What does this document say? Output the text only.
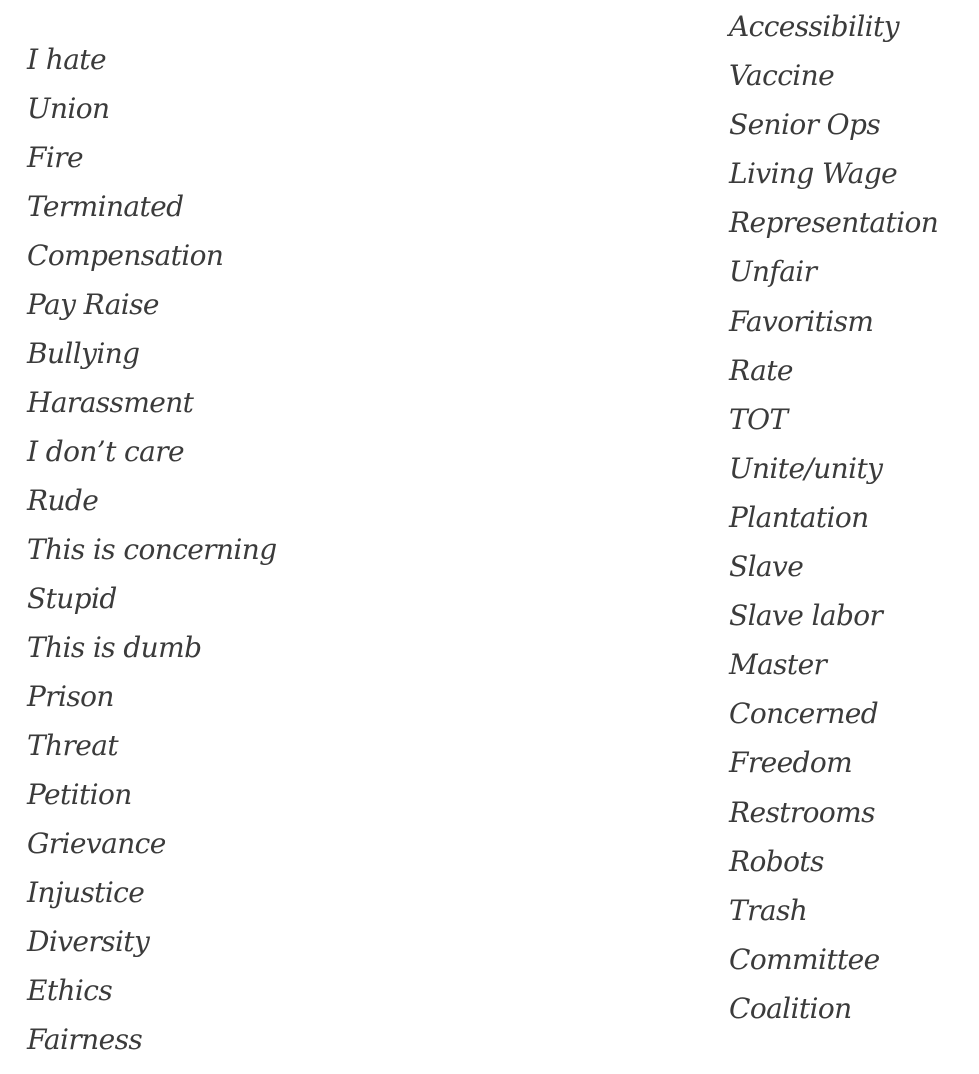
I hate
Union
Fire
Terminated
Compensation
Pay Raise
Bullying
Harassment
I don’t care
Rude
This is concerning
Stupid
This is dumb
Prison
Threat
Petition
Grievance
Injustice
Diversity
Ethics
Fairness
Accessibility
Vaccine
Senior Ops
Living Wage
Representation
Unfair
Favoritism
Rate
TOT
Unite/unity
Plantation
Slave
Slave labor
Master
Concerned
Freedom
Restrooms
Robots
Trash
Committee
Coalition
